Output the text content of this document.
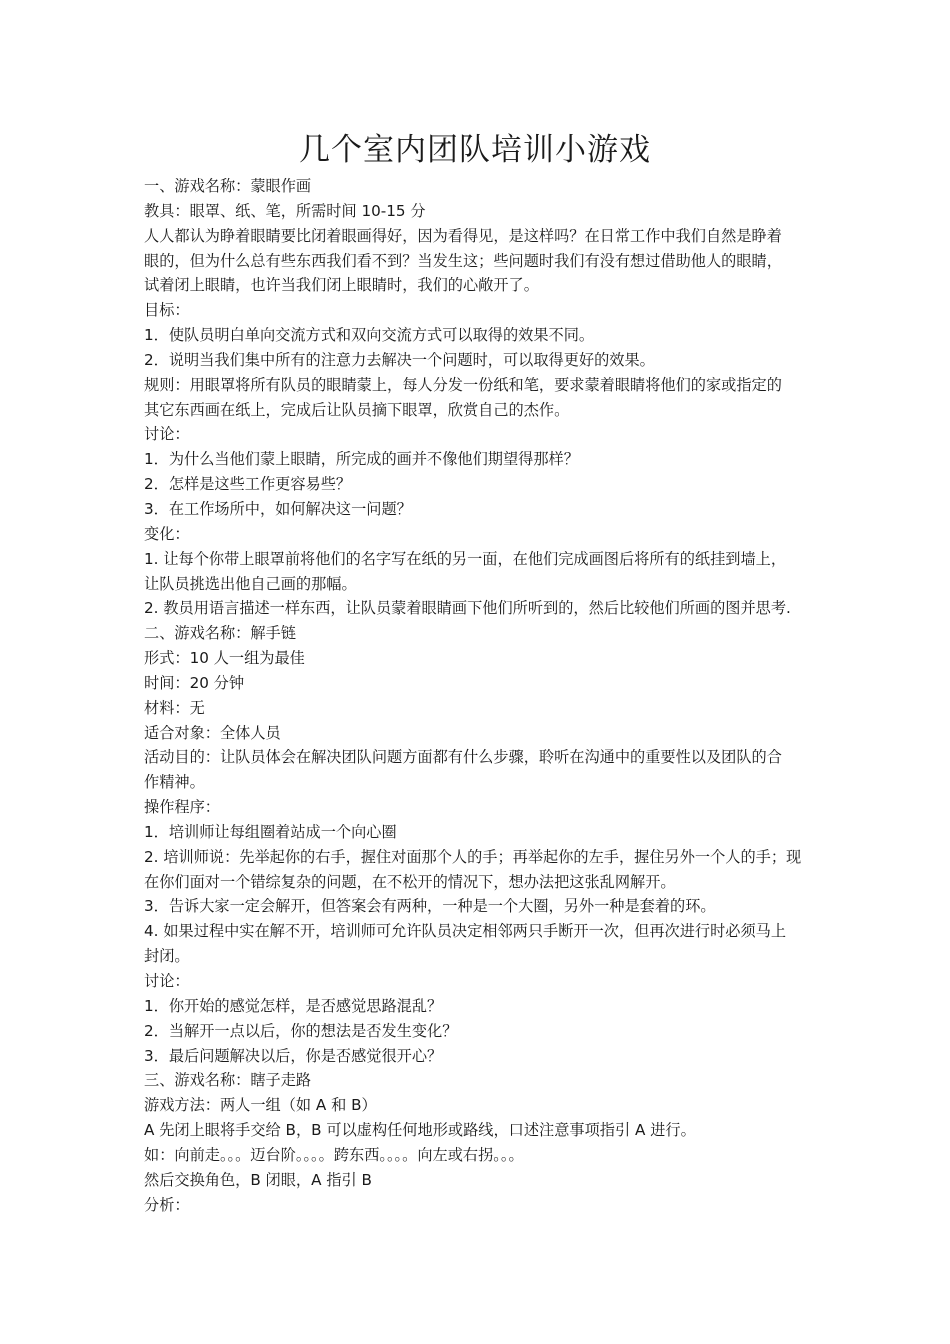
几个室内团队培训小游戏

一、游戏名称：蒙眼作画

教具：眼罩、纸、笔，所需时间 10-15 分

人人都认为睁着眼睛要比闭着眼画得好，因为看得见，是这样吗？在日常工作中我们自然是睁着

眼的，但为什么总有些东西我们看不到？当发生这；些问题时我们有没有想过借助他人的眼睛，

试着闭上眼睛，也许当我们闭上眼睛时，我们的心敞开了。

目标：

1．使队员明白单向交流方式和双向交流方式可以取得的效果不同。

2．说明当我们集中所有的注意力去解决一个问题时，可以取得更好的效果。

规则：用眼罩将所有队员的眼睛蒙上，每人分发一份纸和笔，要求蒙着眼睛将他们的家或指定的

其它东西画在纸上，完成后让队员摘下眼罩，欣赏自己的杰作。

讨论：

1．为什么当他们蒙上眼睛，所完成的画并不像他们期望得那样？

2．怎样是这些工作更容易些？

3．在工作场所中，如何解决这一问题？

变化：

1. 让每个你带上眼罩前将他们的名字写在纸的另一面，在他们完成画图后将所有的纸挂到墙上，

让队员挑选出他自己画的那幅。

2. 教员用语言描述一样东西，让队员蒙着眼睛画下他们所听到的，然后比较他们所画的图并思考.

二、游戏名称：解手链

形式：10 人一组为最佳

时间：20 分钟

材料：无

适合对象：全体人员

活动目的：让队员体会在解决团队问题方面都有什么步骤，聆听在沟通中的重要性以及团队的合

作精神。

操作程序：

1．培训师让每组圈着站成一个向心圈

2. 培训师说：先举起你的右手，握住对面那个人的手；再举起你的左手，握住另外一个人的手；现

在你们面对一个错综复杂的问题，在不松开的情况下，想办法把这张乱网解开。

3．告诉大家一定会解开，但答案会有两种，一种是一个大圈，另外一种是套着的环。

4. 如果过程中实在解不开，培训师可允许队员决定相邻两只手断开一次，但再次进行时必须马上

封闭。

讨论：

1．你开始的感觉怎样，是否感觉思路混乱？

2．当解开一点以后，你的想法是否发生变化？

3．最后问题解决以后，你是否感觉很开心？

三、游戏名称：瞎子走路

游戏方法：两人一组（如 A 和 B）

A 先闭上眼将手交给 B，B 可以虚构任何地形或路线，口述注意事项指引 A 进行。

如：向前走。。。迈台阶。。。。跨东西。。。。向左或右拐。。。

然后交换角色，B 闭眼，A 指引 B

分析：
